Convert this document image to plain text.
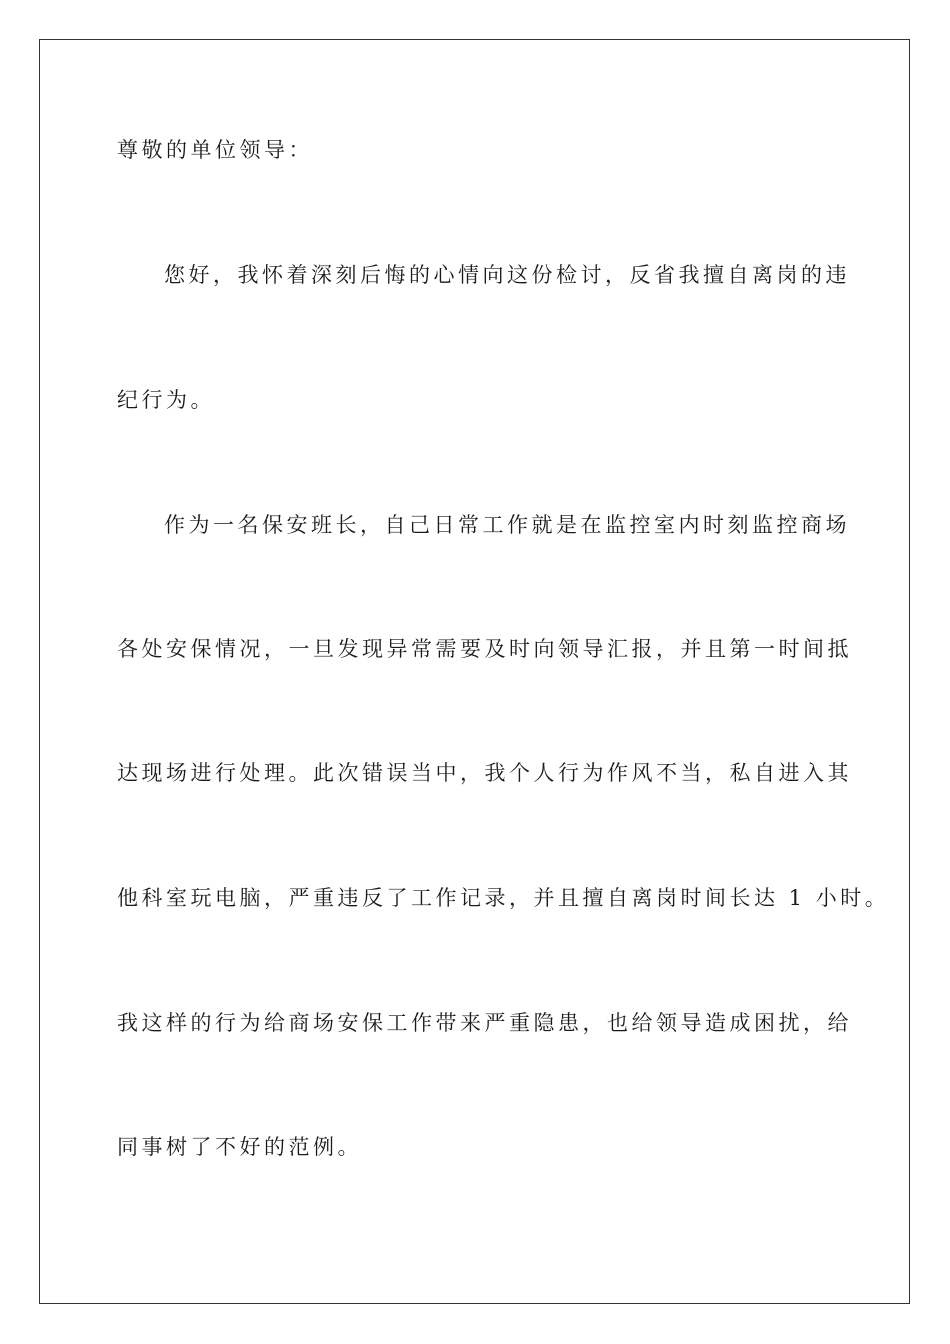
尊敬的单位领导：
您好，我怀着深刻后悔的心情向这份检讨，反省我擅自离岗的违
纪行为。
作为一名保安班长，自己日常工作就是在监控室内时刻监控商场
各处安保情况，一旦发现异常需要及时向领导汇报，并且第一时间抵
达现场进行处理。此次错误当中，我个人行为作风不当，私自进入其
他科室玩电脑，严重违反了工作记录，并且擅自离岗时间长达 1 小时。
我这样的行为给商场安保工作带来严重隐患，也给领导造成困扰，给
同事树了不好的范例。
